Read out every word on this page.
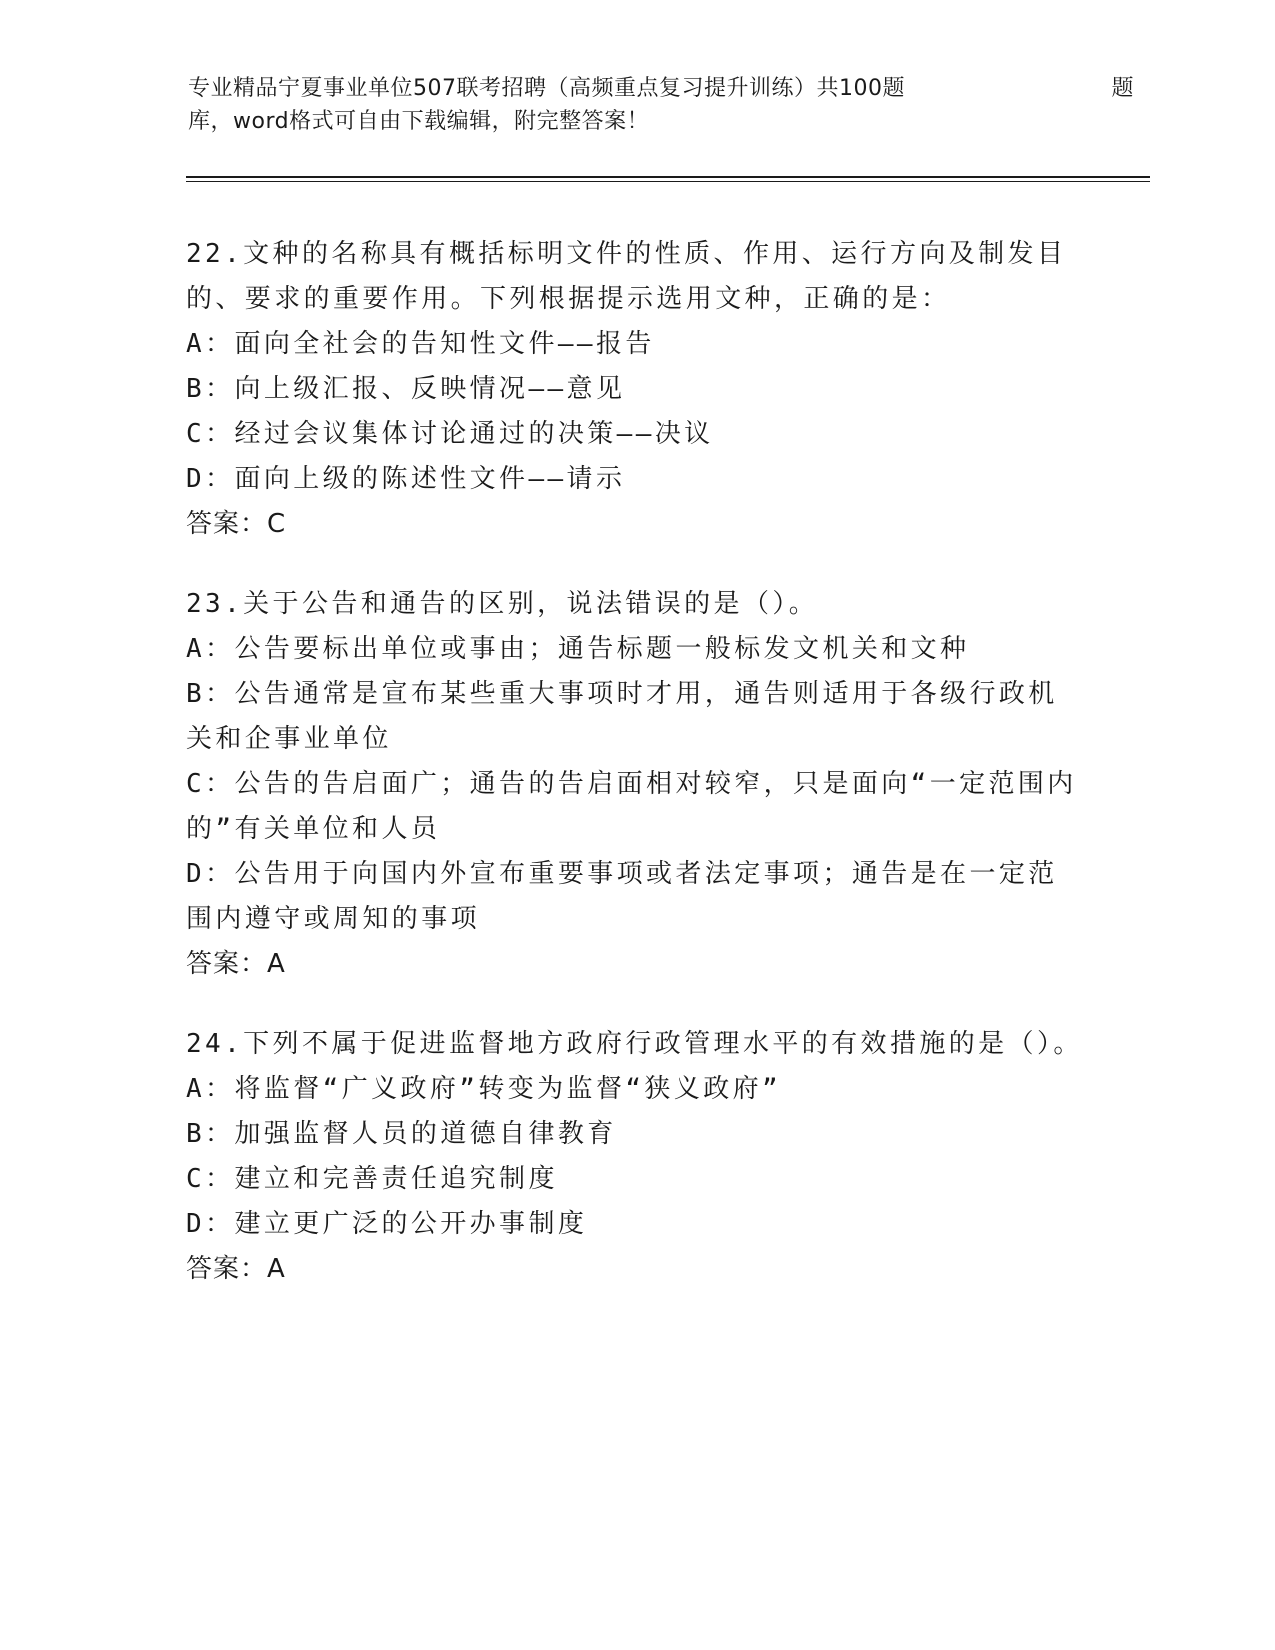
专业精品宁夏事业单位507联考招聘（高频重点复习提升训练）共100题	题
库，word格式可自由下载编辑，附完整答案！

22.文种的名称具有概括标明文件的性质、作用、运行方向及制发目的、要求的重要作用。下列根据提示选用文种，正确的是：

A：面向全社会的告知性文件——报告

B：向上级汇报、反映情况——意见

C：经过会议集体讨论通过的决策——决议

D：面向上级的陈述性文件——请示

答案：C

23.关于公告和通告的区别，说法错误的是（）。

A：公告要标出单位或事由；通告标题一般标发文机关和文种

B：公告通常是宣布某些重大事项时才用，通告则适用于各级行政机关和企事业单位

C：公告的告启面广；通告的告启面相对较窄，只是面向“一定范围内的”有关单位和人员

D：公告用于向国内外宣布重要事项或者法定事项；通告是在一定范围内遵守或周知的事项

答案：A

24.下列不属于促进监督地方政府行政管理水平的有效措施的是（）。

A：将监督“广义政府”转变为监督“狭义政府”

B：加强监督人员的道德自律教育

C：建立和完善责任追究制度

D：建立更广泛的公开办事制度

答案：A
